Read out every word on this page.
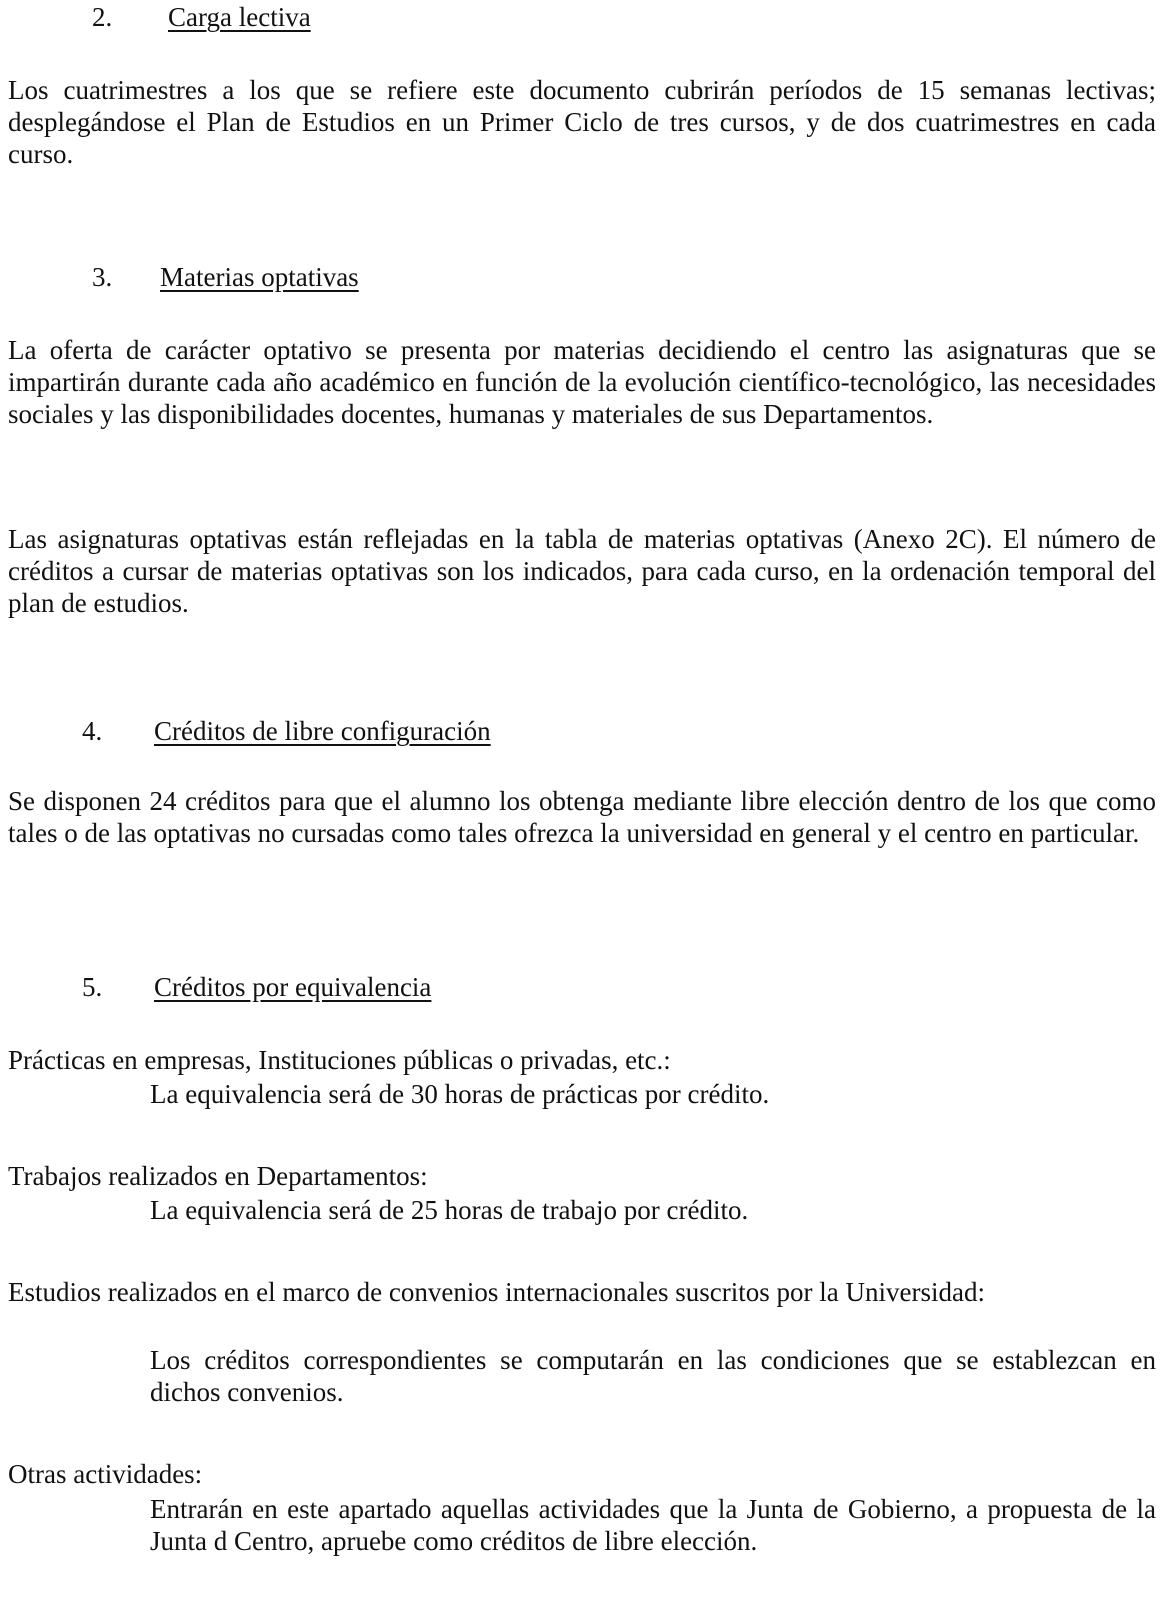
2. Carga lectiva

Los cuatrimestres a los que se refiere este documento cubrirán períodos de 15 semanas lectivas; desplegándose el Plan de Estudios en un Primer Ciclo de tres cursos, y de dos cuatrimestres en cada curso.

3. Materias optativas

La oferta de carácter optativo se presenta por materias decidiendo el centro las asignaturas que se impartirán durante cada año académico en función de la evolución científico-tecnológico, las necesidades sociales y las disponibilidades docentes, humanas y materiales de sus Departamentos.

Las asignaturas optativas están reflejadas en la tabla de materias optativas (Anexo 2C). El número de créditos a cursar de materias optativas son los indicados, para cada curso, en la ordenación temporal del plan de estudios.

4. Créditos de libre configuración

Se disponen 24 créditos para que el alumno los obtenga mediante libre elección dentro de los que como tales o de las optativas no cursadas como tales ofrezca la universidad en general y el centro en particular.

5. Créditos por equivalencia

Prácticas en empresas, Instituciones públicas o privadas, etc.:

La equivalencia será de 30 horas de prácticas por crédito.

Trabajos realizados en Departamentos:

La equivalencia será de 25 horas de trabajo por crédito.

Estudios realizados en el marco de convenios internacionales suscritos por la Universidad:

Los créditos correspondientes se computarán en las condiciones que se establezcan en dichos convenios.

Otras actividades:

Entrarán en este apartado aquellas actividades que la Junta de Gobierno, a propuesta de la Junta d Centro, apruebe como créditos de libre elección.
